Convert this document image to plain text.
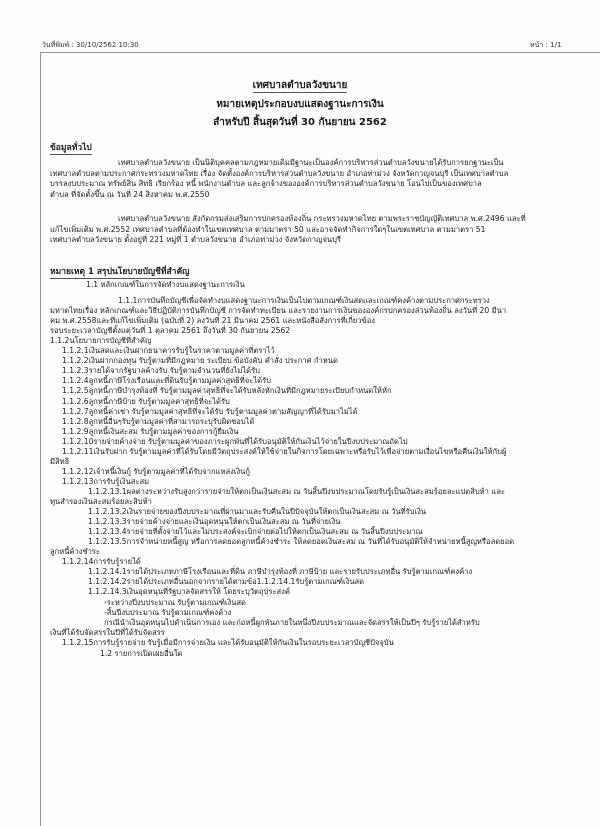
วันที่พิมพ์ : 30/10/2562 10:30	หน้า : 1/1
เทศบาลตำบลวังขนาย
หมายเหตุประกอบงบแสดงฐานะการเงิน
สำหรับปี สิ้นสุดวันที่ 30 กันยายน 2562
ข้อมูลทั่วไป
เทศบาลตำบลวังขนาย เป็นนิติบุคคลตามกฎหมายเดิมมีฐานะเป็นองค์การบริหารส่วนตำบลวังขนายได้รับการยกฐานะเป็น
เทศบาลตำบลตามประกาศกระทรวงมหาดไทย เรื่อง จัดตั้งองค์การบริหารส่วนตำบลวังขนาย อำเภอท่าม่วง จังหวัดกาญจนบุรี เป็นเทศบาลตำบล
บรรลงบประมาณ ทรัพย์สิน สิทธิ เรียกร้อง หนี้ พนักงานตำบล และลูกจ้างขององค์การบริหารส่วนตำบลวังขนาย โอนไปเป็นของเทศบาล
ตำบล ที่จัดตั้งขึ้น ณ วันที่ 24 สิงหาคม พ.ศ.2550
เทศบาลตำบลวังขนาย สังกัดกรมส่งเสริมการปกครองท้องถิ่น กระทรวงมหาดไทย ตามพระราชบัญญัติเทศบาล พ.ศ.2496 และที่
แก้ไขเพิ่มเติม พ.ศ.2552 เทศบาลตำบลที่ต้องทำในเขตเทศบาล ตามมาตรา 50 และอาจจัดทำกิจการใดๆในเขตเทศบาล ตามมาตรา 51
เทศบาลตำบลวังขนาย ตั้งอยู่ที่ 221 หมู่ที่ 1 ตำบลวังขนาย อำเภอท่าม่วง จังหวัดกาญจนบุรี
หมายเหตุ 1 สรุปนโยบายบัญชีที่สำคัญ
1.1 หลักเกณฑ์ในการจัดทำงบแสดงฐานะการเงิน
1.1.1การบันทึกบัญชีเพื่อจัดทำงบแสดงฐานะการเงินเป็นไปตามเกณฑ์เงินสดและเกณฑ์คงค้างตามประกาศกระทรวง
มหาดไทยเรื่อง หลักเกณฑ์และวิธีปฏิบัติการบันทึกบัญชี การจัดทำทะเบียน และรายงานการเงินขององค์กรปกครองส่วนท้องถิ่น ลงวันที่ 20 มีนา
คม พ.ศ.2558และที่แก้ไขเพิ่มเติม (ฉบับที่ 2) ลงวันที่ 21 มีนาคม 2561 และหนังสือสั่งการที่เกี่ยวข้อง
รอบระยะเวลาบัญชีตั้งแต่วันที่ 1 ตุลาคม 2561 ถึงวันที่ 30 กันยายน 2562
1.1.2นโยบายการบัญชีที่สำคัญ
1.1.2.1เงินสดและเงินฝากธนาคารรับรู้ในราคาตามมูลค่าที่ตราไว้
1.1.2.2เงินฝากกองทุน รับรู้ตามที่มีกฎหมาย ระเบียบ ข้อบังคับ คำสั่ง ประกาศ กำหนด
1.1.2.3รายได้จากรัฐบาลค้างรับ รับรู้ตามจำนวนที่ยังไม่ได้รับ
1.1.2.4ลูกหนี้ภาษีโรงเรือนและที่ดินรับรู้ตามมูลค่าสุทธิที่จะได้รับ
1.1.2.5ลูกหนี้ภาษีบำรุงท้องที่ รับรู้ตามมูลค่าสุทธิที่จะได้รับหลังหักเงินที่มีกฎหมายระเบียบกำหนดให้หัก
1.1.2.6ลูกหนี้ภาษีป้าย รับรู้ตามมูลค่าสุทธิที่จะได้รับ
1.1.2.7ลูกหนี้ค่าเช่า รับรู้ตามมูลค่าสุทธิที่จะได้รับ รับรู้ตามมูลค่าตามสัญญาที่ได้รับมาไม่ได้
1.1.2.8ลูกหนี้อื่นๆรับรู้ตามมูลค่าที่สามารถระบุรับผิดชอบได้
1.1.2.9ลูกหนี้เงินสะสม รับรู้ตามมูลค่าของการกู้ยืมเงิน
1.1.2.10รายจ่ายค้างจ่าย รับรู้ตามมูลค่าของภาระผูกพันที่ได้รับอนุมัติให้กันเงินไว้จ่ายในปีงบประมาณถัดไป
1.1.2.11เงินรับฝาก รับรู้ตามมูลค่าที่ได้รับโดยมีวัตถุประสงค์ให้ใช้จ่ายในกิจการโดยเฉพาะหรือรับไว้เพื่อจ่ายตามเงื่อนไขหรือคืนเงินให้กับผู้
มีสิทธิ
1.1.2.12เจ้าหนี้เงินกู้ รับรู้ตามมูลค่าที่ได้รับจากแหล่งเงินกู้
1.1.2.13การรับรู้เงินสะสม
1.1.2.13.1ผลต่างระหว่างรับสูงกว่ารายจ่ายให้ตกเป็นเงินสะสม ณ วันสิ้นปีงบประมาณโดยรับรู้เป็นเงินสะสมร้อยละแปดสิบห้า และ
ทุนสำรองเงินสะสมร้อยละสิบห้า
1.1.2.13.2เงินรายจ่ายของปีงบประมาณที่ผ่านมาและรับคืนในปีปัจจุบันให้ตกเป็นเงินสะสม ณ วันที่รับเงิน
1.1.2.13.3รายจ่ายค้างจ่ายและเงินอุดหนุนให้ตกเป็นเงินสะสม ณ วันที่จ่ายเงิน
1.1.2.13.4รายจ่ายที่ตั้งจ่ายไว้และไม่ประสงค์จะเบิกจ่ายต่อไปให้ตกเป็นเงินสะสม ณ วันสิ้นปีงบประมาณ
1.1.2.13.5การจำหน่ายหนี้สูญ หรือการลดยอดลูกหนี้ค้างชำระ ให้ลดยอดเงินสะสม ณ วันที่ได้รับอนุมัติให้จำหน่ายหนี้สูญหรือลดยอด
ลูกหนี้ค้างชำระ
1.1.2.14การรับรู้รายได้
1.1.2.14.1รายได้ประเภทภาษีโรงเรือนและที่ดิน ภาษีบำรุงท้องที่ ภาษีป้าย และรายรับประเภทอื่น รับรู้ตามเกณฑ์คงค้าง
1.1.2.14.2รายได้ประเภทอื่นนอกจากรายได้ตามข้อ1.1.2.14.1รับรู้ตามเกณฑ์เงินสด
1.1.2.14.3เงินอุดหนุนที่รัฐบาลจัดสรรให้ โดยระบุวัตถุประสงค์
-ระหว่างปีงบประมาณ รับรู้ตามเกณฑ์เงินสด
-สิ้นปีงบประมาณ รับรู้ตามเกณฑ์คงค้าง
กรณีนำเงินอุดหนุนไปดำเนินการเอง และก่อหนี้ผูกพันภายในหนึ่งปีงบประมาณและจัดสรรให้เป็นปีๆ รับรู้รายได้สำหรับ
เงินที่ได้รับจัดสรรในปีที่ได้รับจัดสรร
1.1.2.15การรับรู้รายจ่าย รับรู้เมื่อมีการจ่ายเงิน และได้รับอนุมัติให้กันเงินในรอบระยะเวลาบัญชีปัจจุบัน
1.2 รายการเปิดเผยอื่นใด
